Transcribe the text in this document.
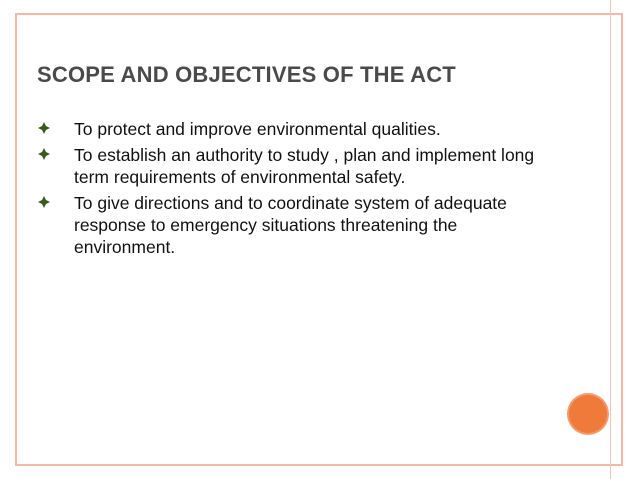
SCOPE AND OBJECTIVES OF THE ACT
To protect and improve environmental qualities.
To establish an authority to study , plan and implement long term requirements of environmental safety.
To give directions and to coordinate system of adequate response to emergency situations threatening the environment.
